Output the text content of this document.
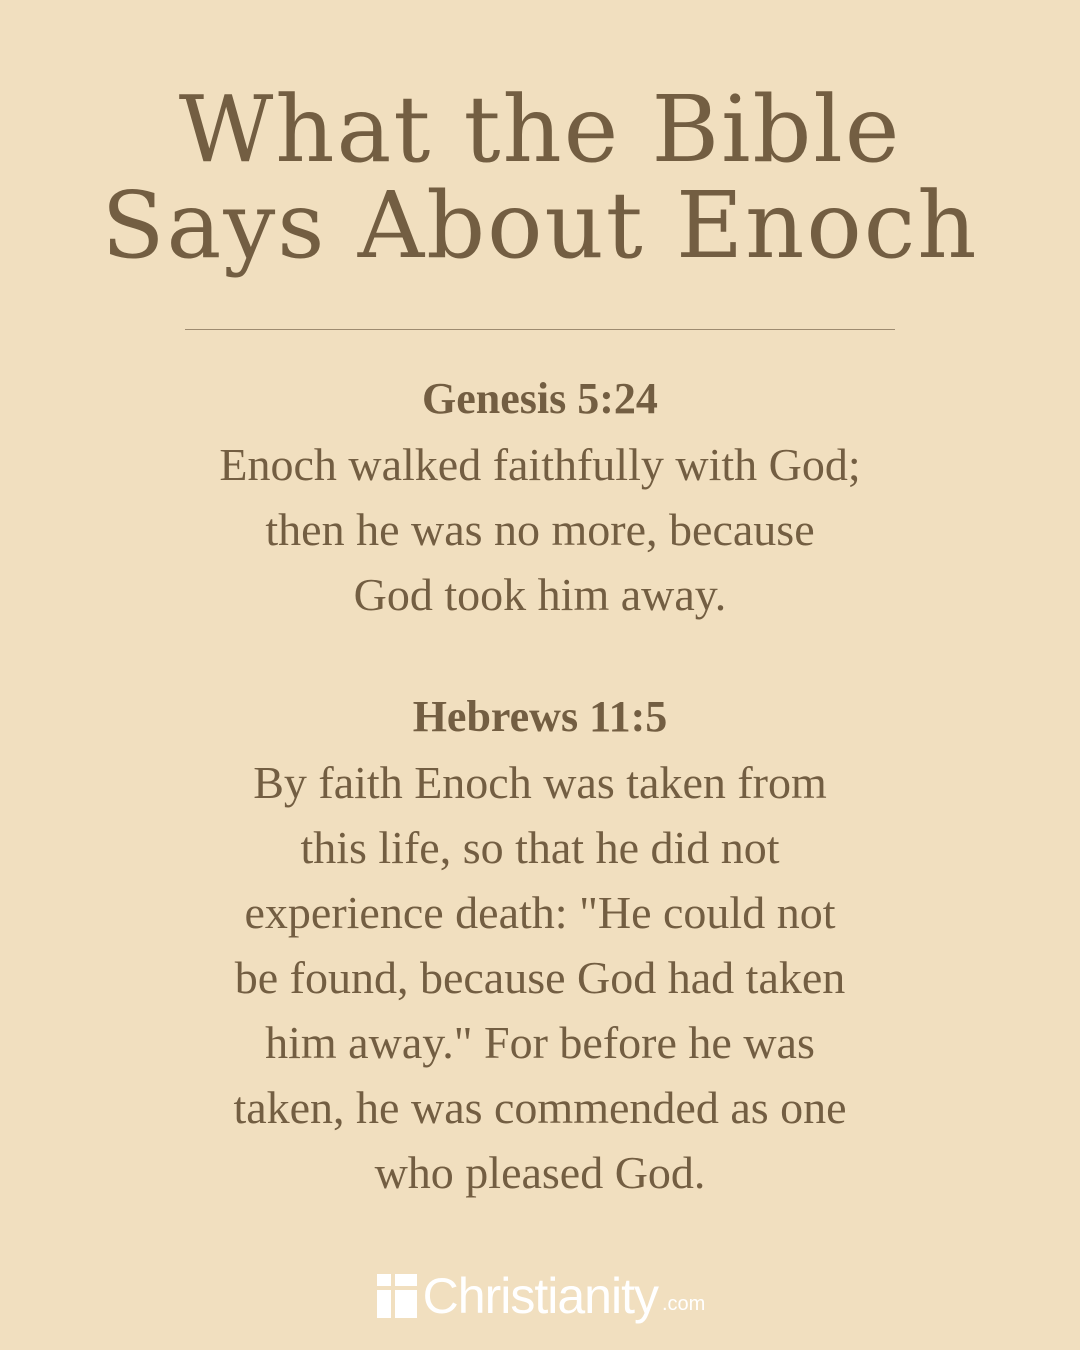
What the Bible
Says About Enoch
Genesis 5:24
Enoch walked faithfully with God;
then he was no more, because
God took him away.
Hebrews 11:5
By faith Enoch was taken from
this life, so that he did not
experience death: "He could not
be found, because God had taken
him away." For before he was
taken, he was commended as one
who pleased God.
Christianity .com
